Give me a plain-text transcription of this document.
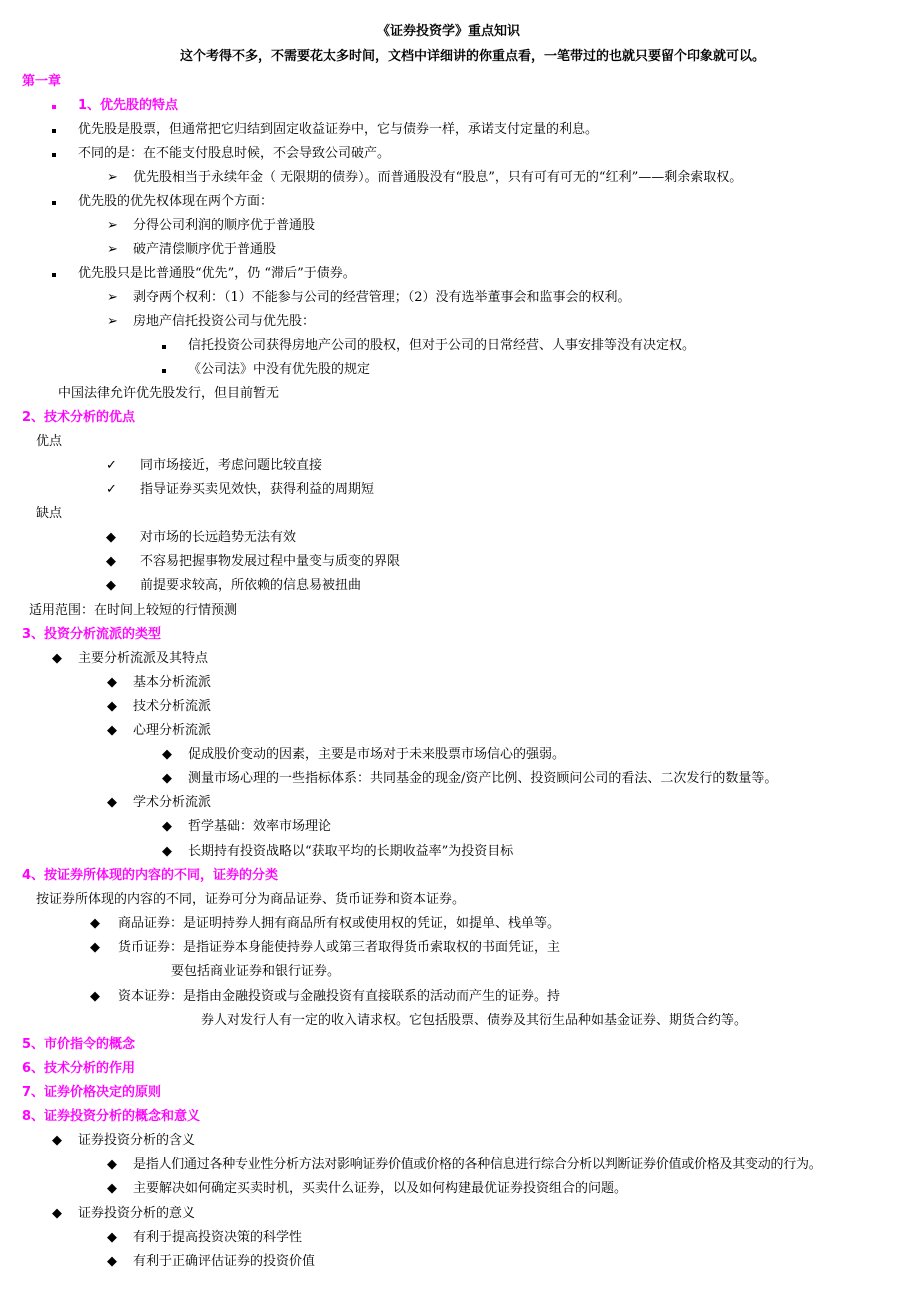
《证券投资学》重点知识
这个考得不多，不需要花太多时间，文档中详细讲的你重点看，一笔带过的也就只要留个印象就可以。
第一章
1、优先股的特点
优先股是股票，但通常把它归结到固定收益证券中，它与债券一样，承诺支付定量的利息。
不同的是：在不能支付股息时候，不会导致公司破产。
➢ 优先股相当于永续年金（ 无限期的债券）。而普通股没有“股息”，只有可有可无的“红利”——剩余索取权。
优先股的优先权体现在两个方面：
➢ 分得公司利润的顺序优于普通股
➢ 破产清偿顺序优于普通股
优先股只是比普通股“优先”，仍 “滞后”于债券。
➢ 剥夺两个权利：（1）不能参与公司的经营管理；（2）没有选举董事会和监事会的权利。
➢ 房地产信托投资公司与优先股：
信托投资公司获得房地产公司的股权，但对于公司的日常经营、人事安排等没有决定权。
《公司法》中没有优先股的规定
中国法律允许优先股发行，但目前暂无
2、技术分析的优点
优点
✓ 同市场接近，考虑问题比较直接
✓ 指导证券买卖见效快，获得利益的周期短
缺点
◆ 对市场的长远趋势无法有效
◆ 不容易把握事物发展过程中量变与质变的界限
◆ 前提要求较高，所依赖的信息易被扭曲
适用范围：在时间上较短的行情预测
3、投资分析流派的类型
◆ 主要分析流派及其特点
◆ 基本分析流派
◆ 技术分析流派
◆ 心理分析流派
◆ 促成股价变动的因素，主要是市场对于未来股票市场信心的强弱。
◆ 测量市场心理的一些指标体系：共同基金的现金/资产比例、投资顾问公司的看法、二次发行的数量等。
◆ 学术分析流派
◆ 哲学基础：效率市场理论
◆ 长期持有投资战略以“获取平均的长期收益率”为投资目标
4、按证券所体现的内容的不同，证券的分类
按证券所体现的内容的不同，证券可分为商品证券、货币证券和资本证券。
◆ 商品证券：是证明持券人拥有商品所有权或使用权的凭证，如提单、栈单等。
◆ 货币证券：是指证券本身能使持券人或第三者取得货币索取权的书面凭证，主
要包括商业证券和银行证券。
◆ 资本证券：是指由金融投资或与金融投资有直接联系的活动而产生的证券。持
券人对发行人有一定的收入请求权。它包括股票、债券及其衍生品种如基金证券、期货合约等。
5、市价指令的概念
6、技术分析的作用
7、证券价格决定的原则
8、证券投资分析的概念和意义
◆ 证券投资分析的含义
◆ 是指人们通过各种专业性分析方法对影响证券价值或价格的各种信息进行综合分析以判断证券价值或价格及其变动的行为。
◆ 主要解决如何确定买卖时机，买卖什么证券，以及如何构建最优证券投资组合的问题。
◆ 证券投资分析的意义
◆ 有利于提高投资决策的科学性
◆ 有利于正确评估证券的投资价值
